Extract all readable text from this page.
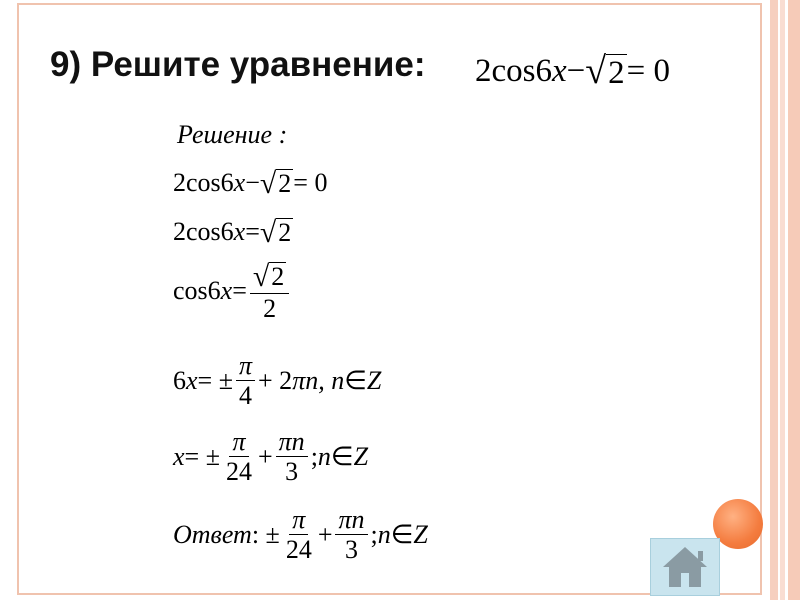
9) Решите уравнение: 2cos6 x − √ 2 = 0
Решение :
2cos6 x − √ 2 = 0
2cos6 x = √ 2
cos6 $x = \frac{√ 2}{2}$
6 x = ± $\frac{\pi}{4} + 2$ πn, n ∈ Z
x = ± $\frac{\pi}{24} + \frac{\pi n}{3}$ ; n ∈ Z
Ответ : ± $\frac{\pi}{24} + \frac{\pi n}{3}$ ; n ∈ Z
